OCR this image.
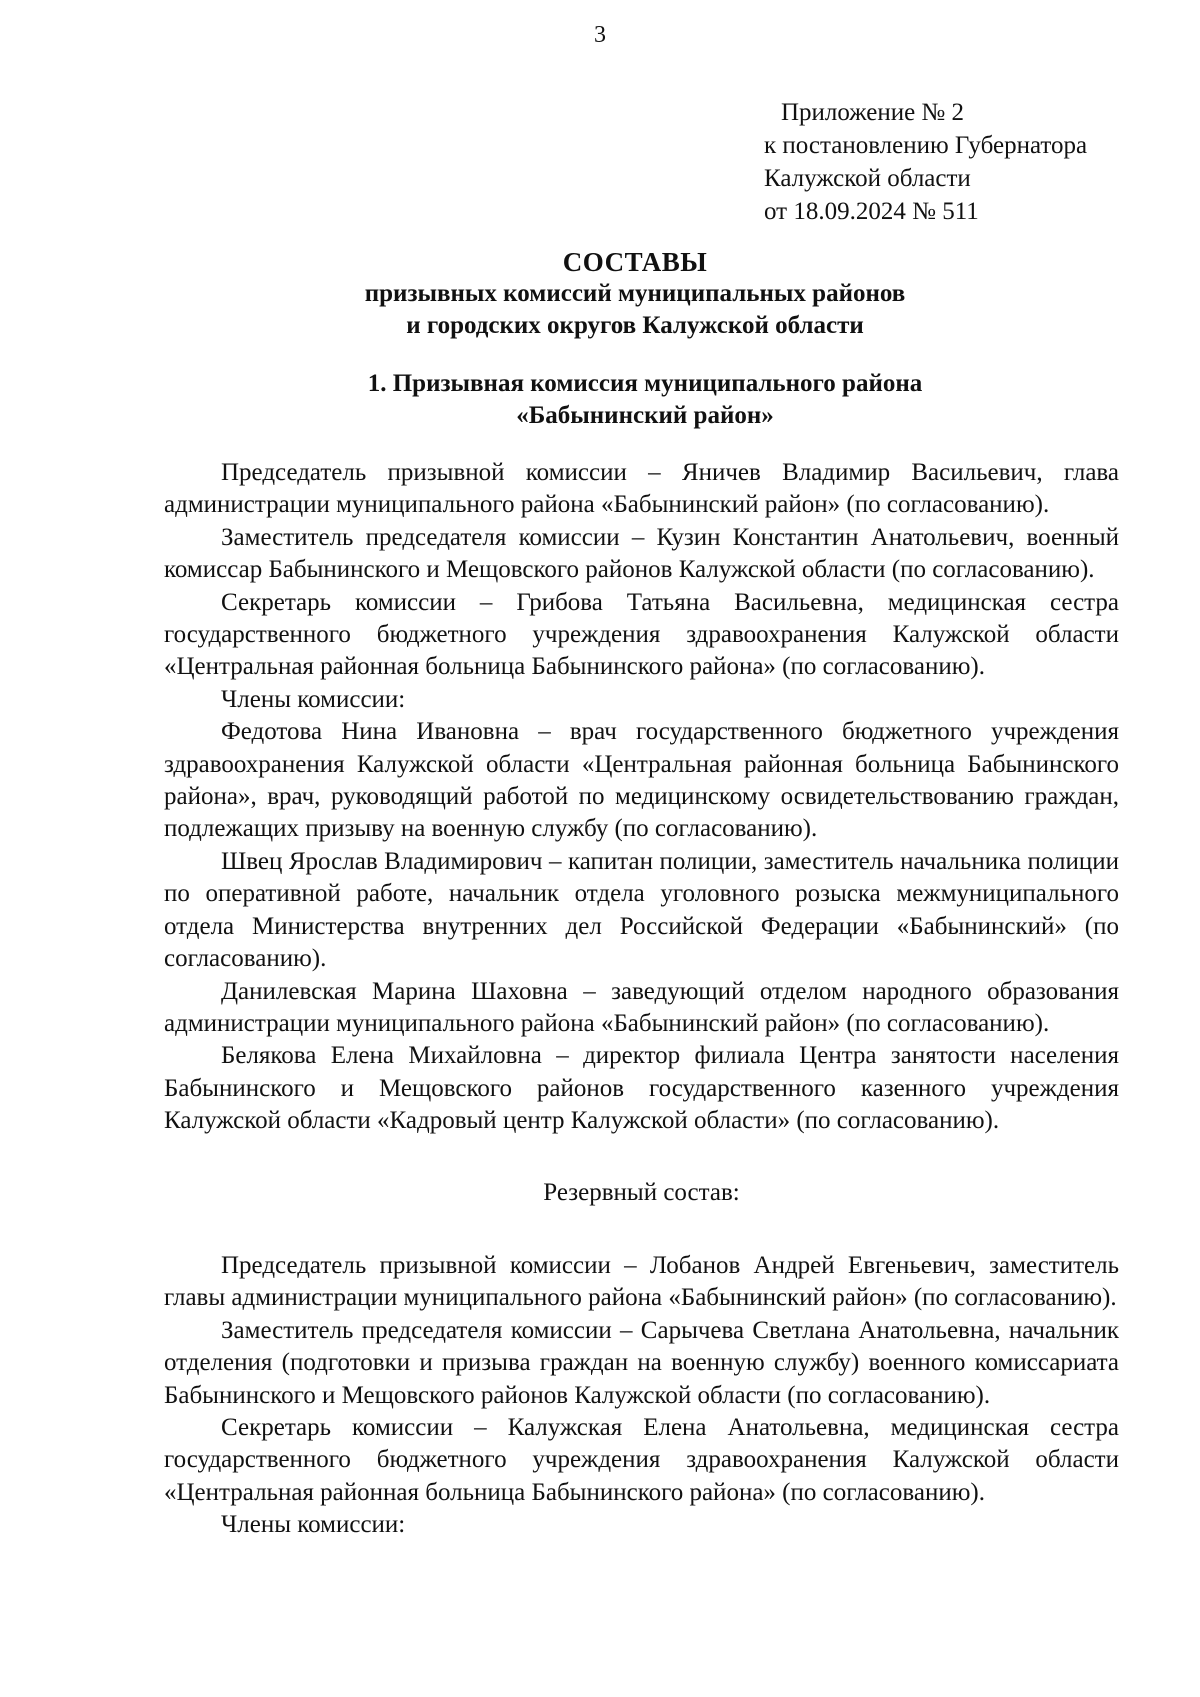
3
Приложение № 2
к постановлению Губернатора
Калужской области
от 18.09.2024 № 511
СОСТАВЫ
призывных комиссий муниципальных районов
и городских округов Калужской области
1. Призывная комиссия муниципального района
«Бабынинский район»

Председатель призывной комиссии – Яничев Владимир Васильевич, глава администрации муниципального района «Бабынинский район» (по согласованию).

Заместитель председателя комиссии – Кузин Константин Анатольевич, военный комиссар Бабынинского и Мещовского районов Калужской области (по согласованию).

Секретарь комиссии – Грибова Татьяна Васильевна, медицинская сестра государственного бюджетного учреждения здравоохранения Калужской области «Центральная районная больница Бабынинского района» (по согласованию).

Члены комиссии:

Федотова Нина Ивановна – врач государственного бюджетного учреждения здравоохранения Калужской области «Центральная районная больница Бабынинского района», врач, руководящий работой по медицинскому освидетельствованию граждан, подлежащих призыву на военную службу (по согласованию).

Швец Ярослав Владимирович – капитан полиции, заместитель начальника полиции по оперативной работе, начальник отдела уголовного розыска межмуниципального отдела Министерства внутренних дел Российской Федерации «Бабынинский» (по согласованию).

Данилевская Марина Шаховна – заведующий отделом народного образования администрации муниципального района «Бабынинский район» (по согласованию).

Белякова Елена Михайловна – директор филиала Центра занятости населения Бабынинского и Мещовского районов государственного казенного учреждения Калужской области «Кадровый центр Калужской области» (по согласованию).

Резервный состав:

Председатель призывной комиссии – Лобанов Андрей Евгеньевич, заместитель главы администрации муниципального района «Бабынинский район» (по согласованию).

Заместитель председателя комиссии – Сарычева Светлана Анатольевна, начальник отделения (подготовки и призыва граждан на военную службу) военного комиссариата Бабынинского и Мещовского районов Калужской области (по согласованию).

Секретарь комиссии – Калужская Елена Анатольевна, медицинская сестра государственного бюджетного учреждения здравоохранения Калужской области «Центральная районная больница Бабынинского района» (по согласованию).

Члены комиссии:
